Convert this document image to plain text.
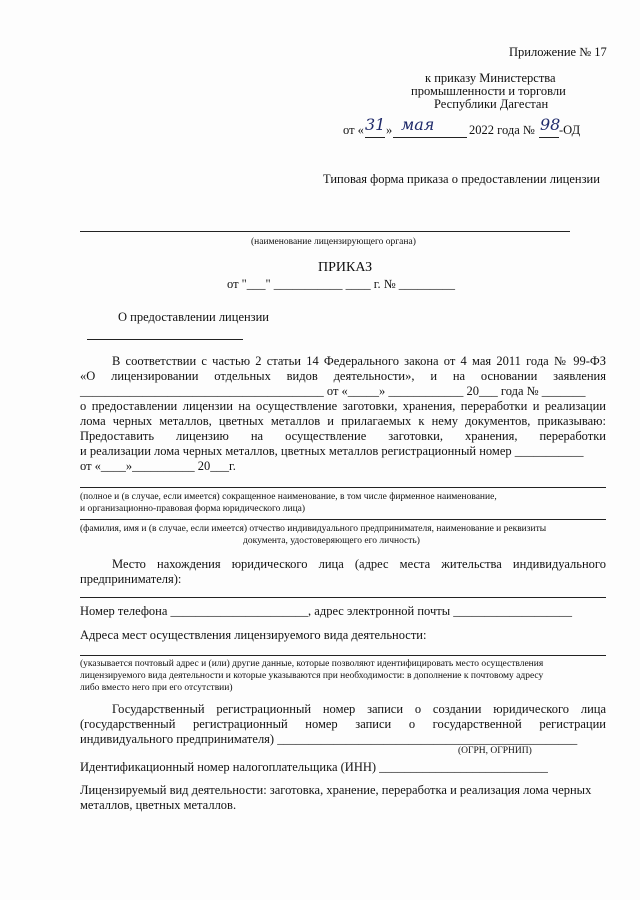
Приложение № 17
к приказу Министерства
промышленности и торговли
Республики Дагестан
от « 31 » мая	2022 года № 98
-ОД
Типовая форма приказа о предоставлении лицензии
(наименование лицензирующего органа)
ПРИКАЗ
от "___" ___________ ____ г. № _________
О предоставлении лицензии
В соответствии с частью 2 статьи 14 Федерального закона от 4 мая 2011 года № 99-ФЗ
«О лицензировании отдельных видов деятельности», и на основании заявления
_______________________________________ от «_____» ____________ 20___ года № _______
о предоставлении лицензии на осуществление заготовки, хранения, переработки и реализации
лома черных металлов, цветных металлов и прилагаемых к нему документов, приказываю:
Предоставить лицензию на осуществление заготовки, хранения, переработки
и реализации лома черных металлов, цветных металлов регистрационный номер ___________
от «____»__________ 20___г.
(полное и (в случае, если имеется) сокращенное наименование, в том числе фирменное наименование,
и организационно-правовая форма юридического лица)
(фамилия, имя и (в случае, если имеется) отчество индивидуального предпринимателя, наименование и реквизиты
документа, удостоверяющего его личность)
Место нахождения юридического лица (адрес места жительства индивидуального
предпринимателя):
Номер телефона ______________________, адрес электронной почты ___________________
Адреса мест осуществления лицензируемого вида деятельности:
(указывается почтовый адрес и (или) другие данные, которые позволяют идентифицировать место осуществления
лицензируемого вида деятельности и которые указываются при необходимости: в дополнение к почтовому адресу
либо вместо него при его отсутствии)
Государственный регистрационный номер записи о создании юридического лица
(государственный регистрационный номер записи о государственной регистрации
индивидуального предпринимателя) ________________________________________________
(ОГРН, ОГРНИП)
Идентификационный номер налогоплательщика (ИНН) ___________________________
Лицензируемый вид деятельности: заготовка, хранение, переработка и реализация лома черных
металлов, цветных металлов.
